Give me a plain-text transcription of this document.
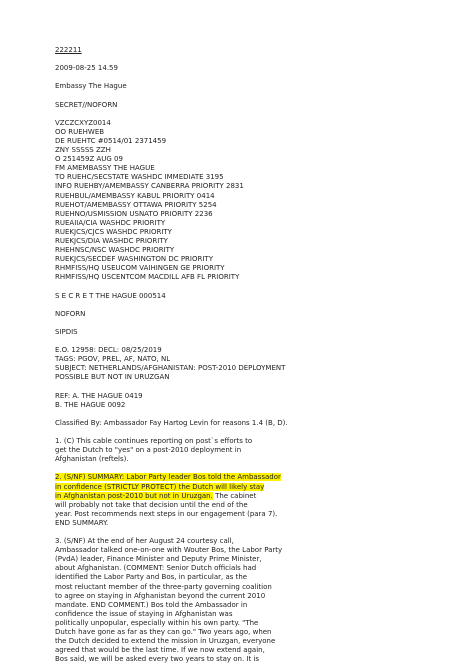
222211

2009-08-25 14.59

Embassy The Hague

SECRET//NOFORN

VZCZCXYZ0014
OO RUEHWEB
DE RUEHTC #0514/01 2371459
ZNY SSSSS ZZH
O 251459Z AUG 09
FM AMEMBASSY THE HAGUE
TO RUEHC/SECSTATE WASHDC IMMEDIATE 3195
INFO RUEHBY/AMEMBASSY CANBERRA PRIORITY 2831
RUEHBUL/AMEMBASSY KABUL PRIORITY 0414
RUEHOT/AMEMBASSY OTTAWA PRIORITY 5254
RUEHNO/USMISSION USNATO PRIORITY 2236
RUEAIIA/CIA WASHDC PRIORITY
RUEKJCS/CJCS WASHDC PRIORITY
RUEKJCS/DIA WASHDC PRIORITY
RHEHNSC/NSC WASHDC PRIORITY
RUEKJCS/SECDEF WASHINGTON DC PRIORITY
RHMFISS/HQ USEUCOM VAIHINGEN GE PRIORITY
RHMFISS/HQ USCENTCOM MACDILL AFB FL PRIORITY

S E C R E T THE HAGUE 000514

NOFORN

SIPDIS

E.O. 12958: DECL: 08/25/2019
TAGS: PGOV, PREL, AF, NATO, NL
SUBJECT: NETHERLANDS/AFGHANISTAN: POST-2010 DEPLOYMENT
POSSIBLE BUT NOT IN URUZGAN

REF: A. THE HAGUE 0419
B. THE HAGUE 0092

Classified By: Ambassador Fay Hartog Levin for reasons 1.4 (B, D).

1. (C) This cable continues reporting on post`s efforts to
get the Dutch to "yes" on a post-2010 deployment in
Afghanistan (reftels).

2. (S/NF) SUMMARY: Labor Party leader Bos told the Ambassador
in confidence (STRICTLY PROTECT) the Dutch will likely stay
in Afghanistan post-2010 but not in Uruzgan. The cabinet
will probably not take that decision until the end of the
year. Post recommends next steps in our engagement (para 7).
END SUMMARY.

3. (S/NF) At the end of her August 24 courtesy call,
Ambassador talked one-on-one with Wouter Bos, the Labor Party
(PvdA) leader, Finance Minister and Deputy Prime Minister,
about Afghanistan. (COMMENT: Senior Dutch officials had
identified the Labor Party and Bos, in particular, as the
most reluctant member of the three-party governing coalition
to agree on staying in Afghanistan beyond the current 2010
mandate. END COMMENT.) Bos told the Ambassador in
confidence the issue of staying in Afghanistan was
politically unpopular, especially within his own party. "The
Dutch have gone as far as they can go." Two years ago, when
the Dutch decided to extend the mission in Uruzgan, everyone
agreed that would be the last time. If we now extend again,
Bos said, we will be asked every two years to stay on. It is
